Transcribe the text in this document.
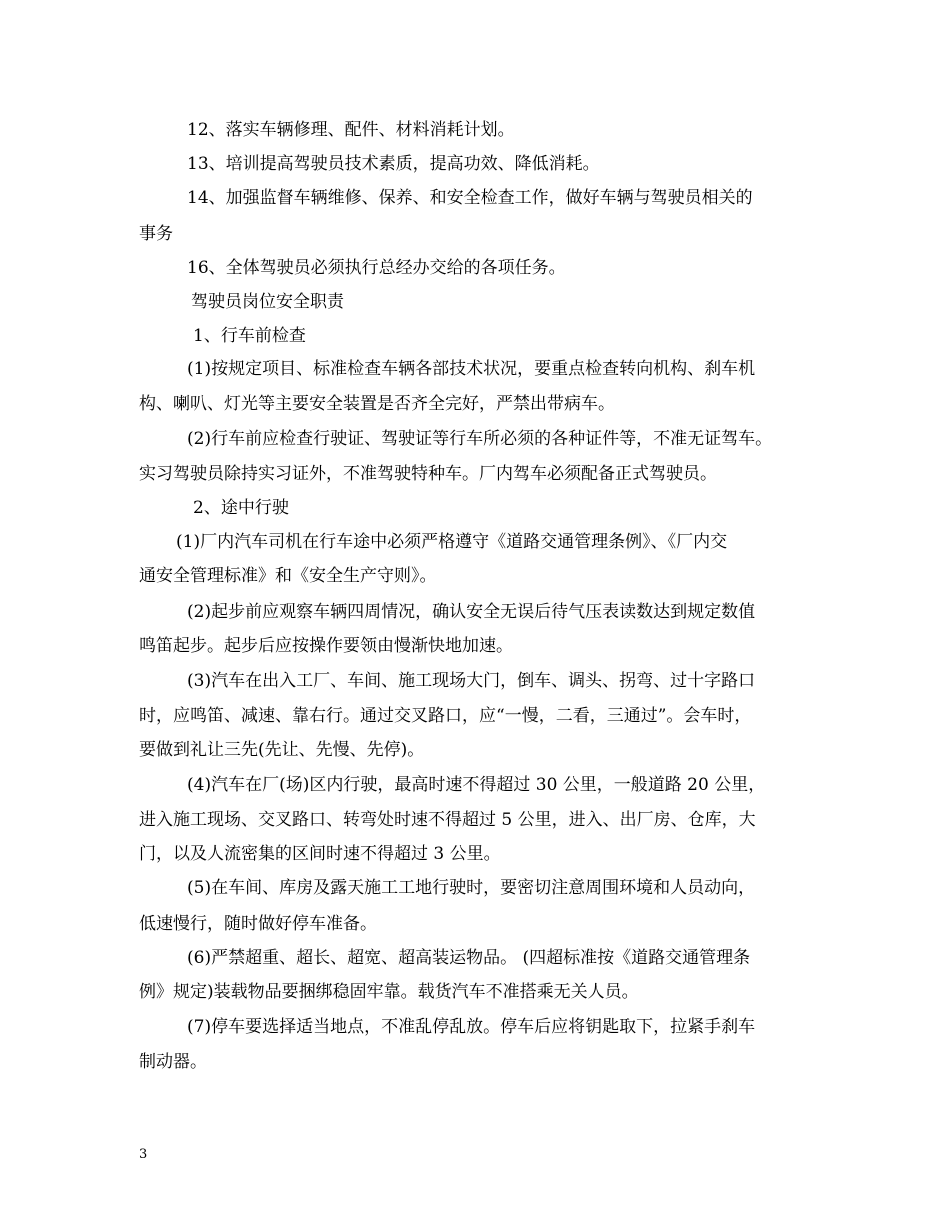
12、落实车辆修理、配件、材料消耗计划。
13、培训提高驾驶员技术素质，提高功效、降低消耗。
14、加强监督车辆维修、保养、和安全检查工作，做好车辆与驾驶员相关的
事务
16、全体驾驶员必须执行总经办交给的各项任务。
驾驶员岗位安全职责
1、行车前检查
(1)按规定项目、标准检查车辆各部技术状况，要重点检查转向机构、刹车机
构、喇叭、灯光等主要安全装置是否齐全完好，严禁出带病车。
(2)行车前应检查行驶证、驾驶证等行车所必须的各种证件等，不准无证驾车。
实习驾驶员除持实习证外，不准驾驶特种车。厂内驾车必须配备正式驾驶员。
2、途中行驶
(1)厂内汽车司机在行车途中必须严格遵守《道路交通管理条例》、《厂内交
通安全管理标准》和《安全生产守则》。
(2)起步前应观察车辆四周情况，确认安全无误后待气压表读数达到规定数值
鸣笛起步。起步后应按操作要领由慢渐快地加速。
(3)汽车在出入工厂、车间、施工现场大门，倒车、调头、拐弯、过十字路口
时，应鸣笛、减速、靠右行。通过交叉路口，应“一慢，二看，三通过”。会车时，
要做到礼让三先(先让、先慢、先停)。
(4)汽车在厂(场)区内行驶，最高时速不得超过 30 公里，一般道路 20 公里，
进入施工现场、交叉路口、转弯处时速不得超过 5 公里，进入、出厂房、仓库，大
门，以及人流密集的区间时速不得超过 3 公里。
(5)在车间、库房及露天施工工地行驶时，要密切注意周围环境和人员动向，
低速慢行，随时做好停车准备。
(6)严禁超重、超长、超宽、超高装运物品。 (四超标准按《道路交通管理条
例》规定)装载物品要捆绑稳固牢靠。载货汽车不准搭乘无关人员。
(7)停车要选择适当地点，不准乱停乱放。停车后应将钥匙取下，拉紧手刹车
制动器。
3
